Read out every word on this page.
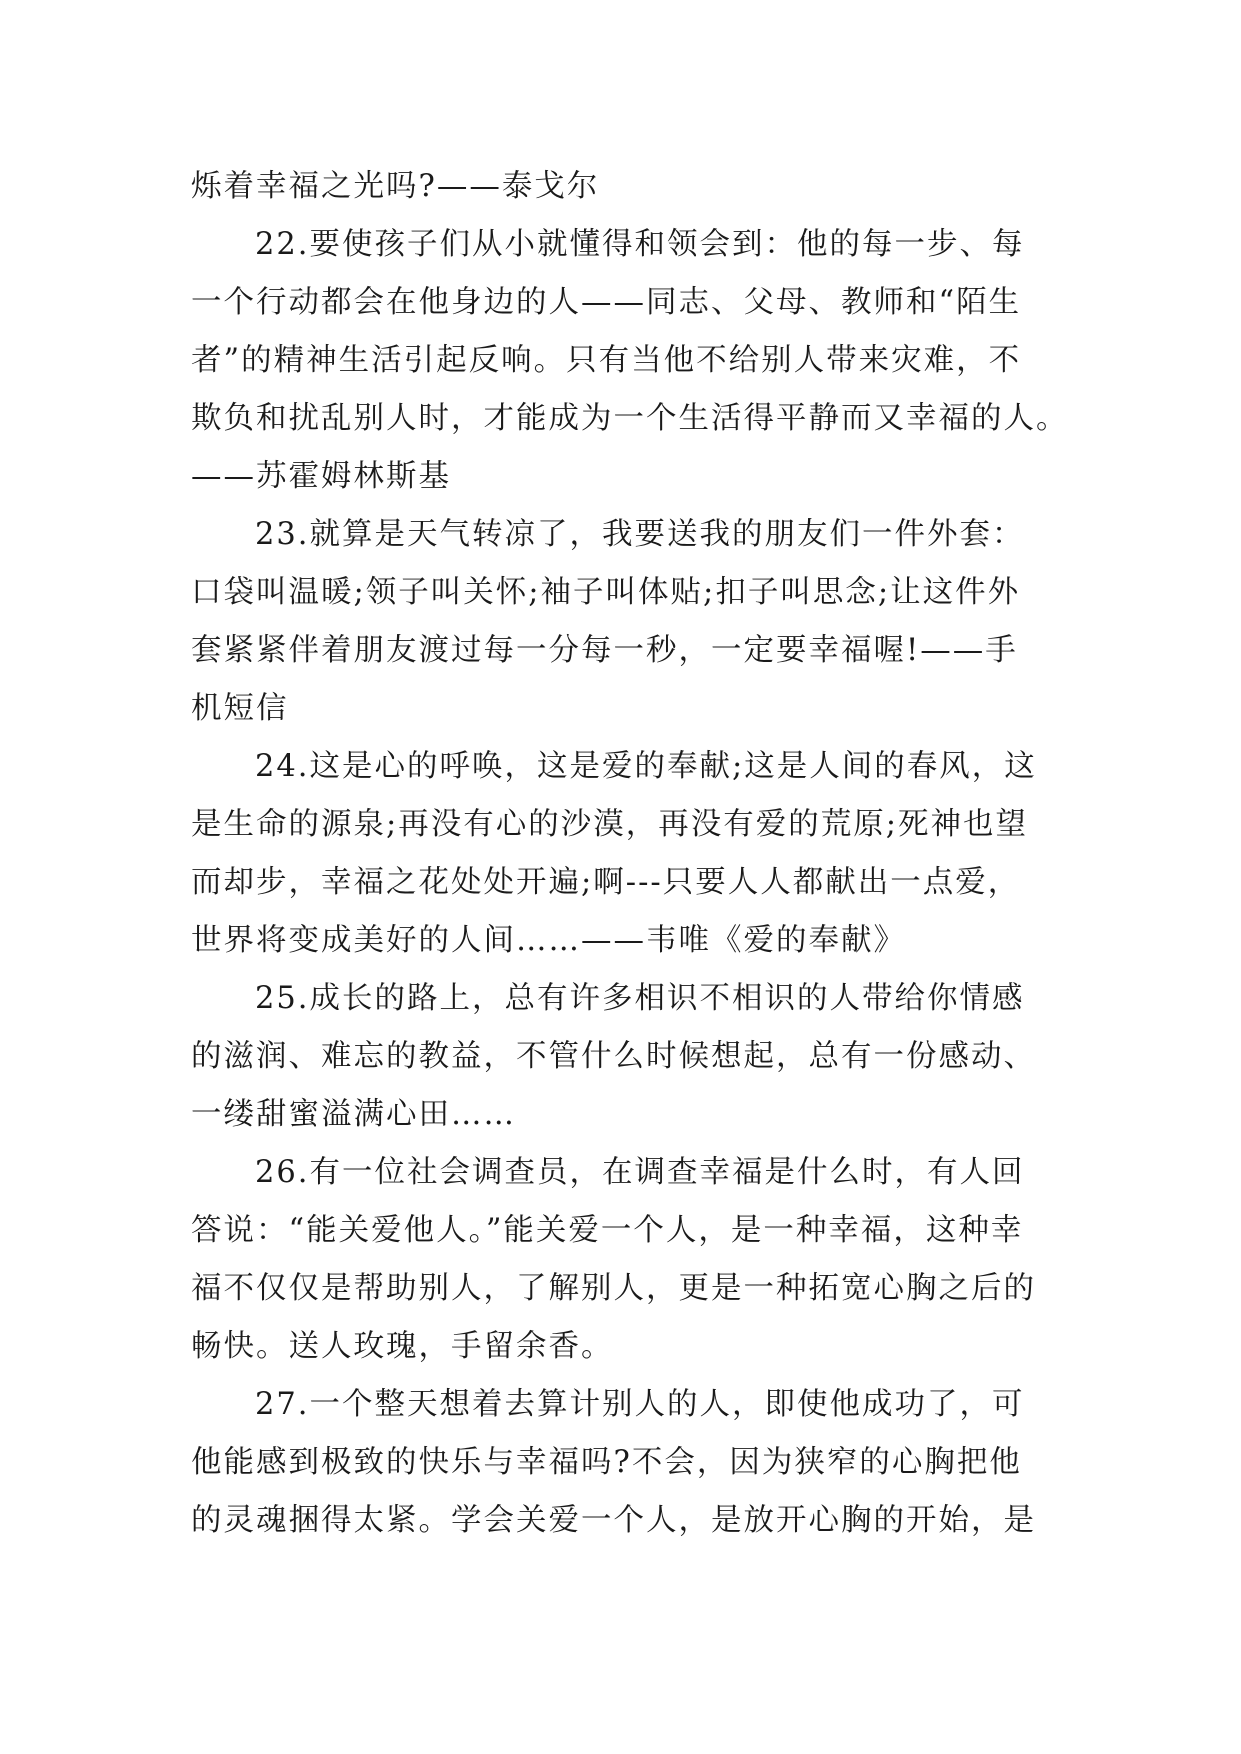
烁着幸福之光吗?——泰戈尔
22.要使孩子们从小就懂得和领会到：他的每一步、每
一个行动都会在他身边的人——同志、父母、教师和“陌生
者”的精神生活引起反响。只有当他不给别人带来灾难，不
欺负和扰乱别人时，才能成为一个生活得平静而又幸福的人。
——苏霍姆林斯基
23.就算是天气转凉了，我要送我的朋友们一件外套：
口袋叫温暖;领子叫关怀;袖子叫体贴;扣子叫思念;让这件外
套紧紧伴着朋友渡过每一分每一秒，一定要幸福喔!——手
机短信
24.这是心的呼唤，这是爱的奉献;这是人间的春风，这
是生命的源泉;再没有心的沙漠，再没有爱的荒原;死神也望
而却步，幸福之花处处开遍;啊---只要人人都献出一点爱，
世界将变成美好的人间……——韦唯《爱的奉献》
25.成长的路上，总有许多相识不相识的人带给你情感
的滋润、难忘的教益，不管什么时候想起，总有一份感动、
一缕甜蜜溢满心田……
26.有一位社会调查员，在调查幸福是什么时，有人回
答说：“能关爱他人。”能关爱一个人，是一种幸福，这种幸
福不仅仅是帮助别人，了解别人，更是一种拓宽心胸之后的
畅快。送人玫瑰，手留余香。
27.一个整天想着去算计别人的人，即使他成功了，可
他能感到极致的快乐与幸福吗?不会，因为狭窄的心胸把他
的灵魂捆得太紧。学会关爱一个人，是放开心胸的开始，是
